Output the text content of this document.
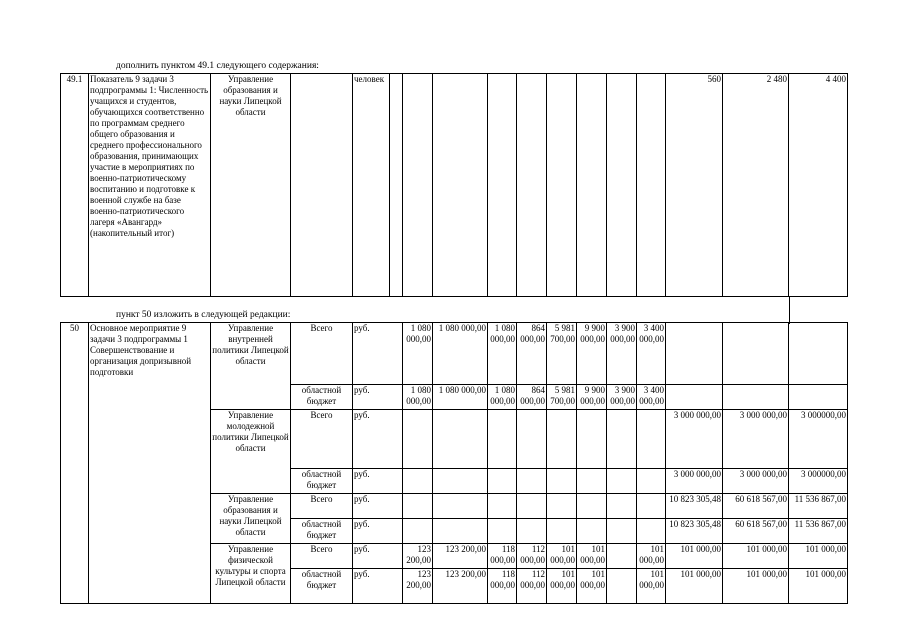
дополнить пунктом 49.1 следующего содержания:
49.1	Показатель 9 задачи 3 подпрограммы 1: Численность учащихся и студентов, обучающихся соответственно по программам среднего общего образования и среднего профессионального образования, принимающих участие в мероприятиях по военно-патриотическому воспитанию и подготовке к военной службе на базе военно-патриотического лагеря «Авангард» (накопительный итог)	Управление образования и науки Липецкой области		человек										560	2 480	4 400
пункт 50 изложить в следующей редакции:
50	Основное мероприятие 9 задачи 3 подпрограммы 1 Совершенствование и организация допризывной подготовки	Управление внутренней политики Липецкой области	Всего	руб.	1 080 000,00	1 080 000,00	1 080 000,00	864 000,00	5 981 700,00	9 900 000,00	3 900 000,00	3 400 000,00			
			областной бюджет	руб.	1 080 000,00	1 080 000,00	1 080 000,00	864 000,00	5 981 700,00	9 900 000,00	3 900 000,00	3 400 000,00			
		Управление молодежной политики Липецкой области	Всего	руб.									3 000 000,00	3 000 000,00	3 000000,00
			областной бюджет	руб.									3 000 000,00	3 000 000,00	3 000000,00
		Управление образования и науки Липецкой области	Всего	руб.									10 823 305,48	60 618 567,00	11 536 867,00
			областной бюджет	руб.									10 823 305,48	60 618 567,00	11 536 867,00
		Управление физической культуры и спорта Липецкой области	Всего	руб.	123 200,00	123 200,00	118 000,00	112 000,00	101 000,00	101 000,00		101 000,00	101 000,00	101 000,00	101 000,00
			областной бюджет	руб.	123 200,00	123 200,00	118 000,00	112 000,00	101 000,00	101 000,00		101 000,00	101 000,00	101 000,00	101 000,00
